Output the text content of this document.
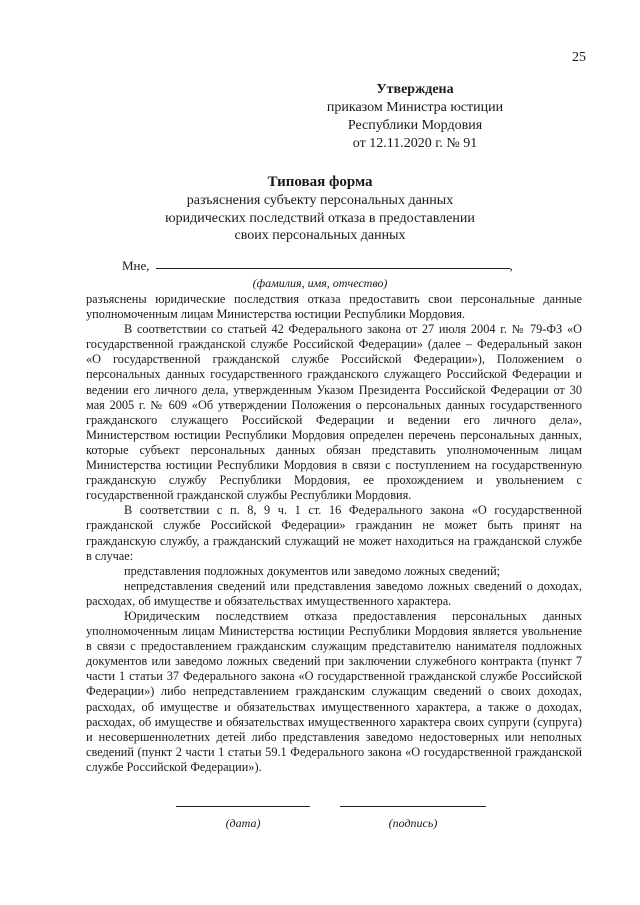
25
Утверждена
приказом Министра юстиции
Республики Мордовия
от 12.11.2020 г. № 91
Типовая форма
разъяснения субъекту персональных данных
юридических последствий отказа в предоставлении
своих персональных данных
Мне,	,
(фамилия, имя, отчество)

разъяснены юридические последствия отказа предоставить свои персональные данные уполномоченным лицам Министерства юстиции Республики Мордовия.

В соответствии со статьей 42 Федерального закона от 27 июля 2004 г. № 79-ФЗ «О государственной гражданской службе Российской Федерации» (далее – Федеральный закон «О государственной гражданской службе Российской Федерации»), Положением о персональных данных государственного гражданского служащего Российской Федерации и ведении его личного дела, утвержденным Указом Президента Российской Федерации от 30 мая 2005 г. № 609 «Об утверждении Положения о персональных данных государственного гражданского служащего Российской Федерации и ведении его личного дела», Министерством юстиции Республики Мордовия определен перечень персональных данных, которые субъект персональных данных обязан представить уполномоченным лицам Министерства юстиции Республики Мордовия в связи с поступлением на государственную гражданскую службу Республики Мордовия, ее прохождением и увольнением с государственной гражданской службы Республики Мордовия.

В соответствии с п. 8, 9 ч. 1 ст. 16 Федерального закона «О государственной гражданской службе Российской Федерации» гражданин не может быть принят на гражданскую службу, а гражданский служащий не может находиться на гражданской службе в случае:

представления подложных документов или заведомо ложных сведений;

непредставления сведений или представления заведомо ложных сведений о доходах, расходах, об имуществе и обязательствах имущественного характера.

Юридическим последствием отказа предоставления персональных данных уполномоченным лицам Министерства юстиции Республики Мордовия является увольнение в связи с предоставлением гражданским служащим представителю нанимателя подложных документов или заведомо ложных сведений при заключении служебного контракта (пункт 7 части 1 статьи 37 Федерального закона «О государственной гражданской службе Российской Федерации») либо непредставлением гражданским служащим сведений о своих доходах, расходах, об имуществе и обязательствах имущественного характера, а также о доходах, расходах, об имуществе и обязательствах имущественного характера своих супруги (супруга) и несовершеннолетних детей либо представления заведомо недостоверных или неполных сведений (пункт 2 части 1 статьи 59.1 Федерального закона «О государственной гражданской службе Российской Федерации»).

(дата)	(подпись)
